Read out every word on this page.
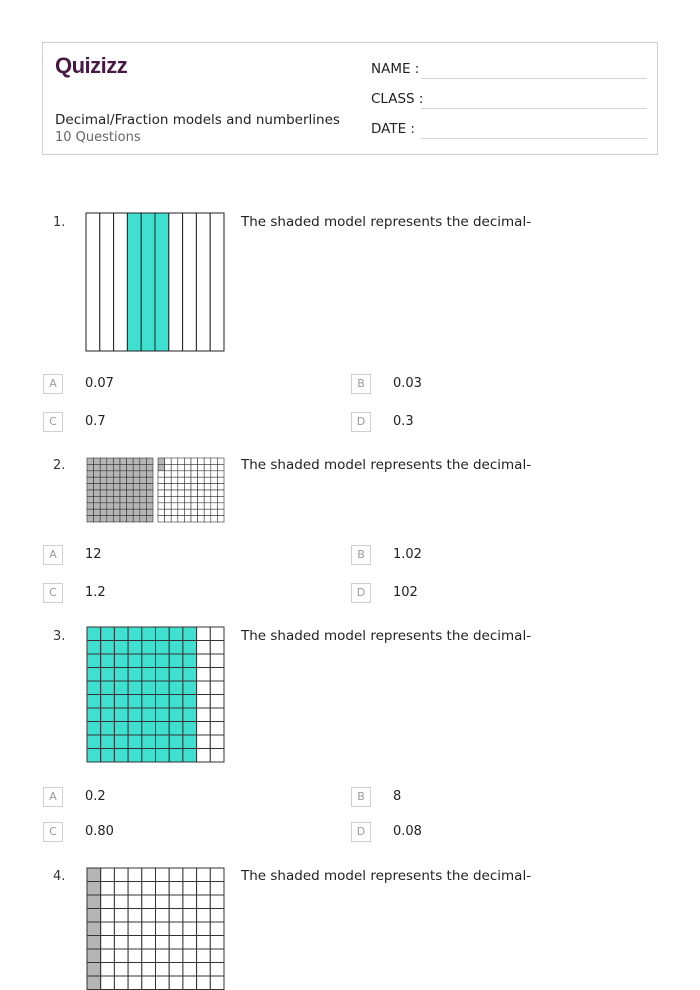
Quizizz
Decimal/Fraction models and numberlines
10 Questions
NAME :
CLASS :
DATE :
1.	The shaded model represents the decimal-
A	0.07	B	0.03
C	0.7	D	0.3
2.	The shaded model represents the decimal-
A	12	B	1.02
C	1.2	D	102
3.	The shaded model represents the decimal-
A	0.2	B	8
C	0.80	D	0.08
4.	The shaded model represents the decimal-
